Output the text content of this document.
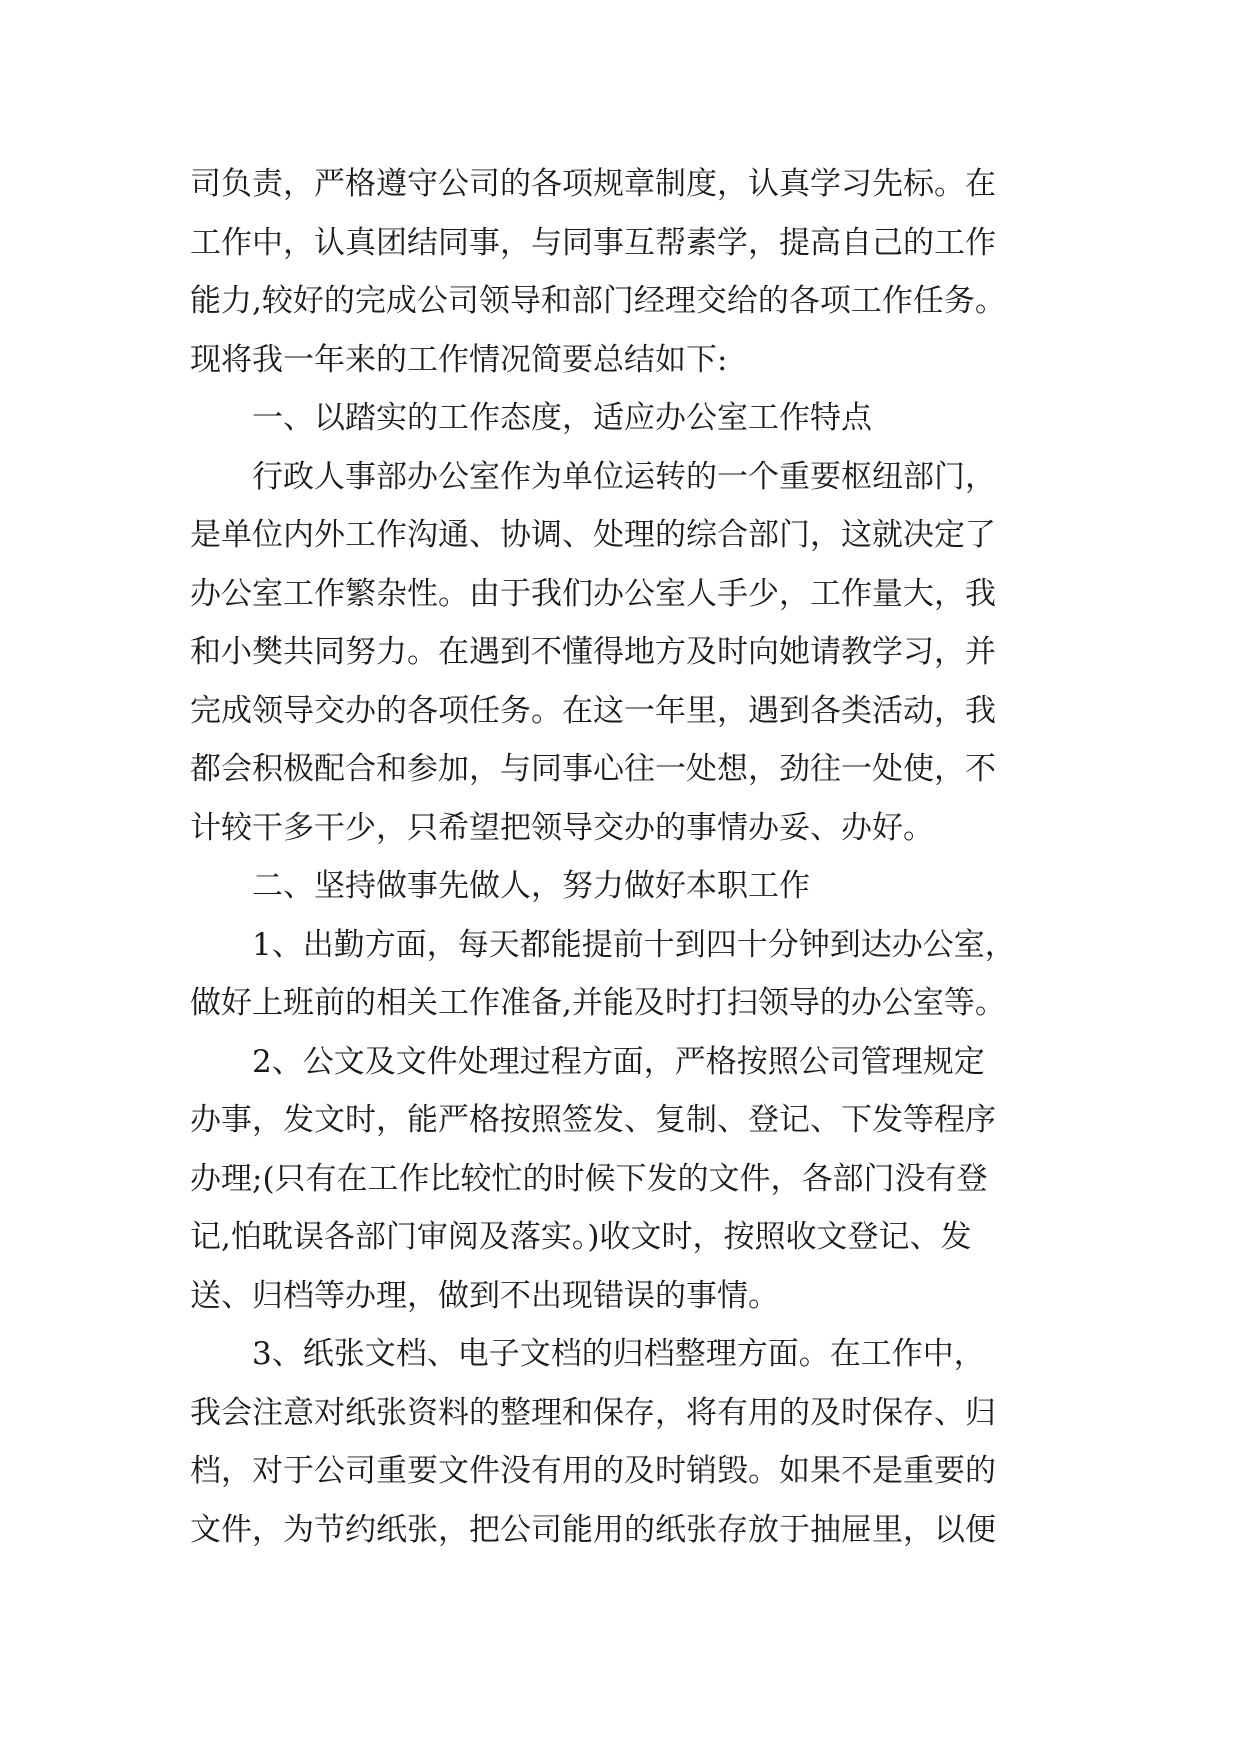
司负责，严格遵守公司的各项规章制度，认真学习先标。在
工作中，认真团结同事，与同事互帮素学，提高自己的工作
能力,较好的完成公司领导和部门经理交给的各项工作任务。
现将我一年来的工作情况简要总结如下:
　　一、以踏实的工作态度，适应办公室工作特点
　　行政人事部办公室作为单位运转的一个重要枢纽部门，
是单位内外工作沟通、协调、处理的综合部门，这就决定了
办公室工作繁杂性。由于我们办公室人手少，工作量大，我
和小樊共同努力。在遇到不懂得地方及时向她请教学习，并
完成领导交办的各项任务。在这一年里，遇到各类活动，我
都会积极配合和参加，与同事心往一处想，劲往一处使，不
计较干多干少，只希望把领导交办的事情办妥、办好。
　　二、坚持做事先做人，努力做好本职工作
　　1、出勤方面，每天都能提前十到四十分钟到达办公室，
做好上班前的相关工作准备,并能及时打扫领导的办公室等。
　　2、公文及文件处理过程方面，严格按照公司管理规定
办事，发文时，能严格按照签发、复制、登记、下发等程序
办理;(只有在工作比较忙的时候下发的文件，各部门没有登
记,怕耽误各部门审阅及落实。)收文时，按照收文登记、发
送、归档等办理，做到不出现错误的事情。
　　3、纸张文档、电子文档的归档整理方面。在工作中，
我会注意对纸张资料的整理和保存，将有用的及时保存、归
档，对于公司重要文件没有用的及时销毁。如果不是重要的
文件，为节约纸张，把公司能用的纸张存放于抽屉里，以便
